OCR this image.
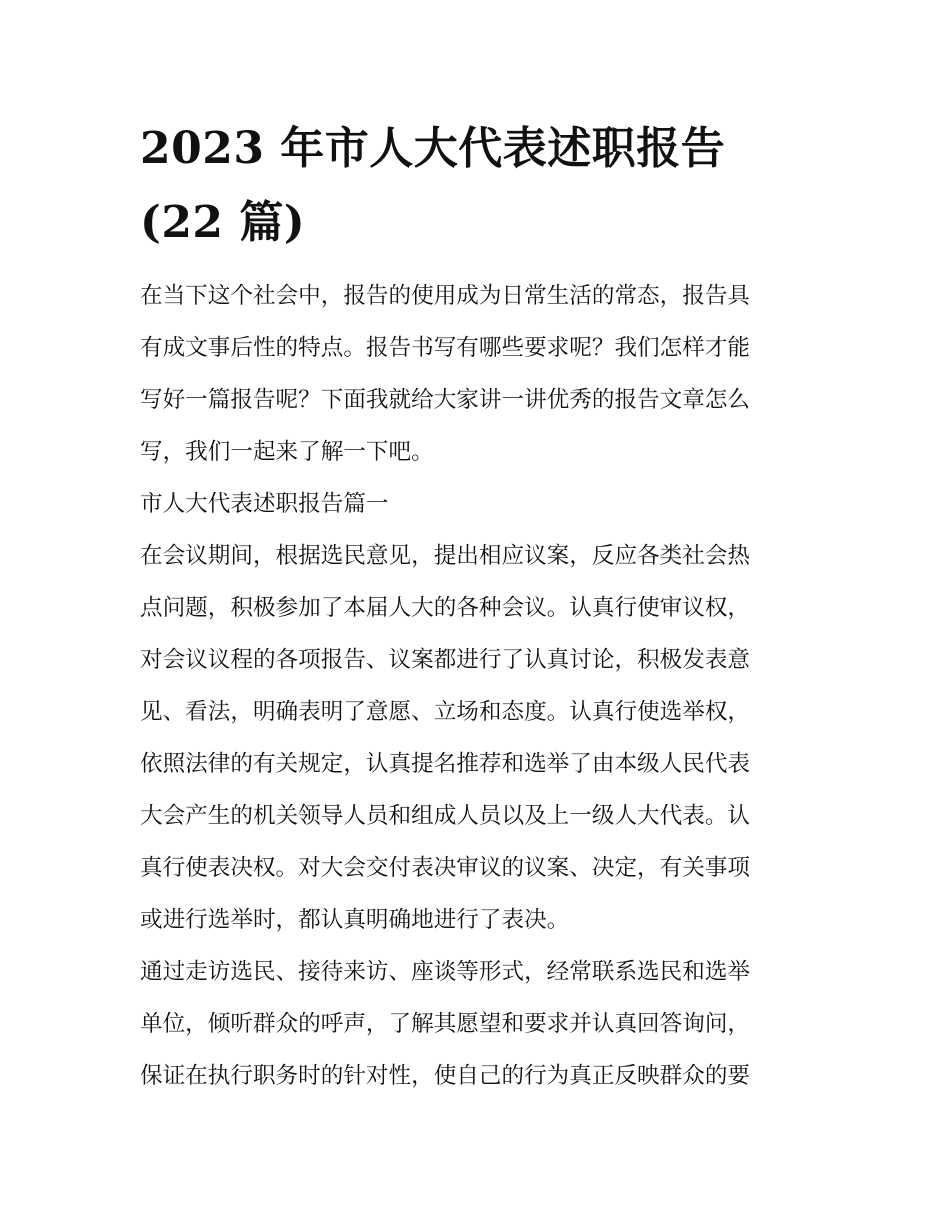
2023 年市人大代表述职报告
(22 篇)

在当下这个社会中，报告的使用成为日常生活的常态，报告具
有成文事后性的特点。报告书写有哪些要求呢？我们怎样才能
写好一篇报告呢？下面我就给大家讲一讲优秀的报告文章怎么
写，我们一起来了解一下吧。

市人大代表述职报告篇一

在会议期间，根据选民意见，提出相应议案，反应各类社会热
点问题，积极参加了本届人大的各种会议。认真行使审议权，
对会议议程的各项报告、议案都进行了认真讨论，积极发表意
见、看法，明确表明了意愿、立场和态度。认真行使选举权，
依照法律的有关规定，认真提名推荐和选举了由本级人民代表
大会产生的机关领导人员和组成人员以及上一级人大代表。认
真行使表决权。对大会交付表决审议的议案、决定，有关事项
或进行选举时，都认真明确地进行了表决。

通过走访选民、接待来访、座谈等形式，经常联系选民和选举
单位，倾听群众的呼声，了解其愿望和要求并认真回答询问，
保证在执行职务时的针对性，使自己的行为真正反映群众的要
